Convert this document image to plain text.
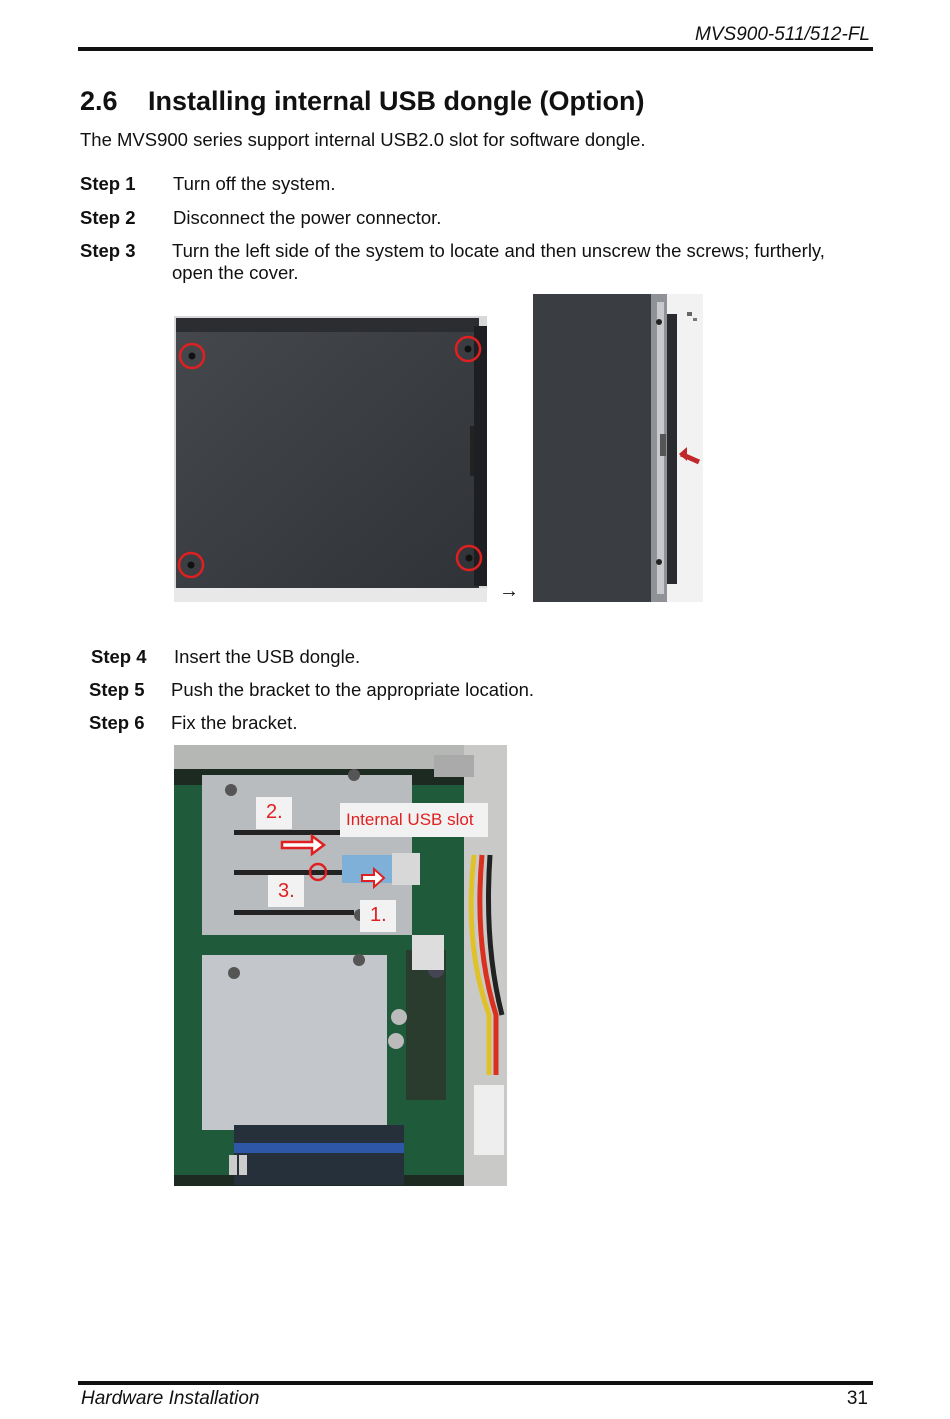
MVS900-511/512-FL
2.6 Installing internal USB dongle (Option)
The MVS900 series support internal USB2.0 slot for software dongle.
Step 1 Turn off the system.
Step 2 Disconnect the power connector.
Step 3 Turn the left side of the system to locate and then unscrew the screws; furtherly,
open the cover.
→
Step 4 Insert the USB dongle.
Step 5 Push the bracket to the appropriate location.
Step 6 Fix the bracket.
2.
3.
1.
Internal USB slot
Hardware Installation	31
